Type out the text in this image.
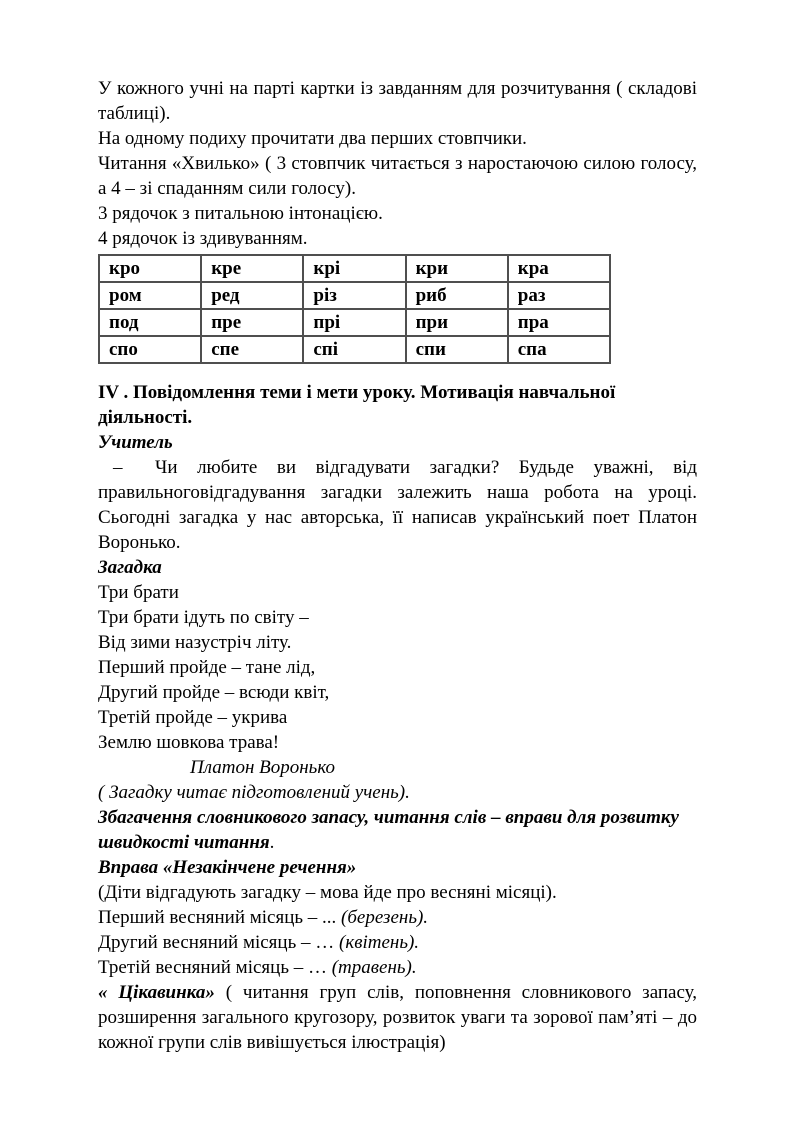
У кожного учні на парті картки із завданням для розчитування ( складові таблиці).

На одному подиху прочитати два перших стовпчики.

Читання «Хвилько» ( 3 стовпчик читається з наростаючою силою голосу, а 4 – зі спаданням сили голосу).

3 рядочок з питальною інтонацією.

4 рядочок із здивуванням.

кро	кре	крі	кри	кра
ром	ред	різ	риб	раз
под	пре	прі	при	пра
спо	спе	спі	спи	спа

IV . Повідомлення теми і мети уроку. Мотивація навчальної діяльності.

Учитель

– Чи любите ви відгадувати загадки? Будьде уважні, від правильноговідгадування загадки залежить наша робота на уроці. Сьогодні загадка у нас авторська, її написав український поет Платон Воронько.

Загадка

Три брати

Три брати ідуть по світу –

Від зими назустріч літу.

Перший пройде – тане лід,

Другий пройде – всюди квіт,

Третій пройде – укрива

Землю шовкова трава!

Платон Воронько

( Загадку читає підготовлений учень).

Збагачення словникового запасу, читання слів – вправи для розвитку швидкості читання.

Вправа «Незакінчене речення»

(Діти відгадують загадку – мова йде про весняні місяці).

Перший весняний місяць – ... (березень).

Другий весняний місяць – … (квітень).

Третій весняний місяць – … (травень).

« Цікавинка» ( читання груп слів, поповнення словникового запасу, розширення загального кругозору, розвиток уваги та зорової пам’яті – до кожної групи слів вивішується ілюстрація)
